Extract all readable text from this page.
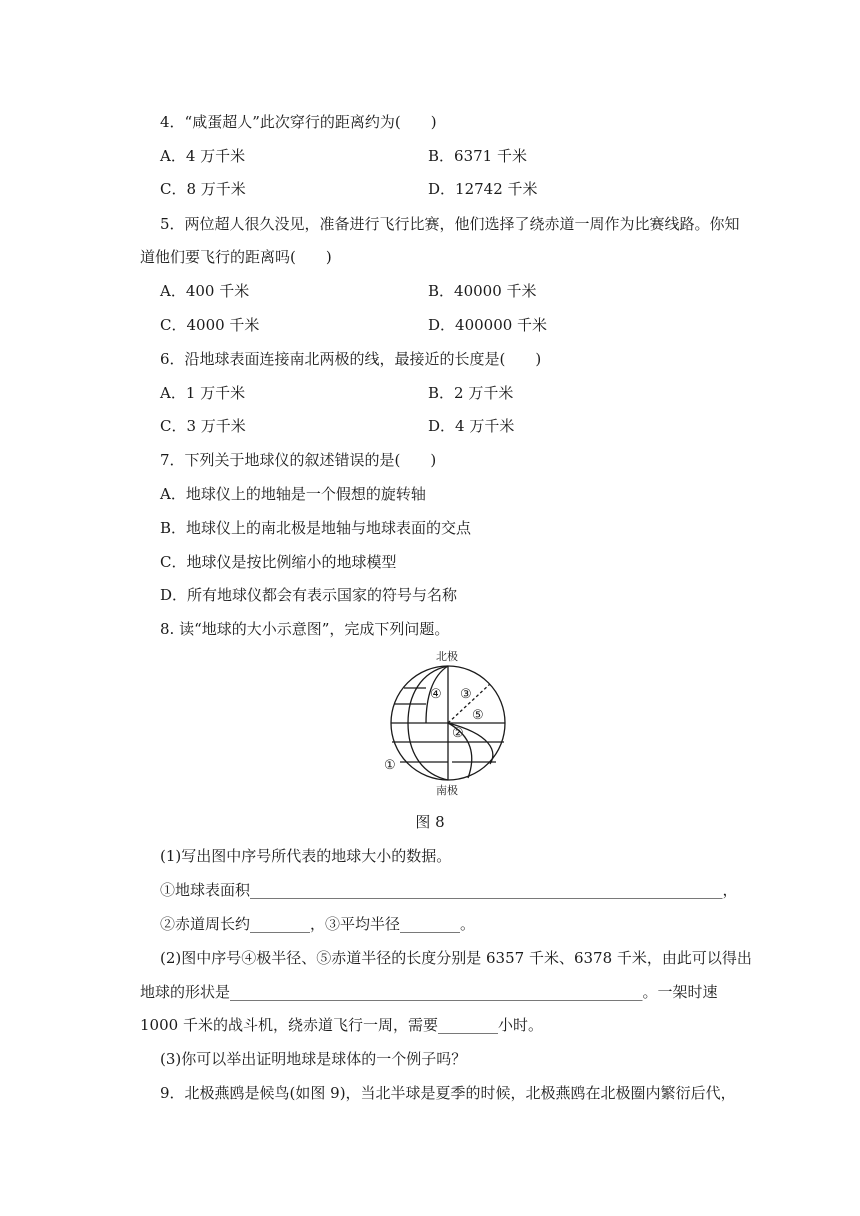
4．“咸蛋超人”此次穿行的距离约为(　　)
A．4 万千米	B．6371 千米
C．8 万千米	D．12742 千米
5．两位超人很久没见，准备进行飞行比赛，他们选择了绕赤道一周作为比赛线路。你知
道他们要飞行的距离吗(　　)
A．400 千米	B．40000 千米
C．4000 千米	D．400000 千米
6．沿地球表面连接南北两极的线，最接近的长度是(　　)
A．1 万千米	B．2 万千米
C．3 万千米	D．4 万千米
7．下列关于地球仪的叙述错误的是(　　)
A．地球仪上的地轴是一个假想的旋转轴
B．地球仪上的南北极是地轴与地球表面的交点
C．地球仪是按比例缩小的地球模型
D．所有地球仪都会有表示国家的符号与名称
8. 读“地球的大小示意图”，完成下列问题。
北极
南极
④ ③
⑤
②
①
图 8
(1)写出图中序号所代表的地球大小的数据。
①地球表面积_______________________________________________________________，
②赤道周长约________，③平均半径________。
(2)图中序号④极半径、⑤赤道半径的长度分别是 6357 千米、6378 千米，由此可以得出
地球的形状是_______________________________________________________。一架时速
1000 千米的战斗机，绕赤道飞行一周，需要________小时。
(3)你可以举出证明地球是球体的一个例子吗？
9．北极燕鸥是候鸟(如图 9)，当北半球是夏季的时候，北极燕鸥在北极圈内繁衍后代，
